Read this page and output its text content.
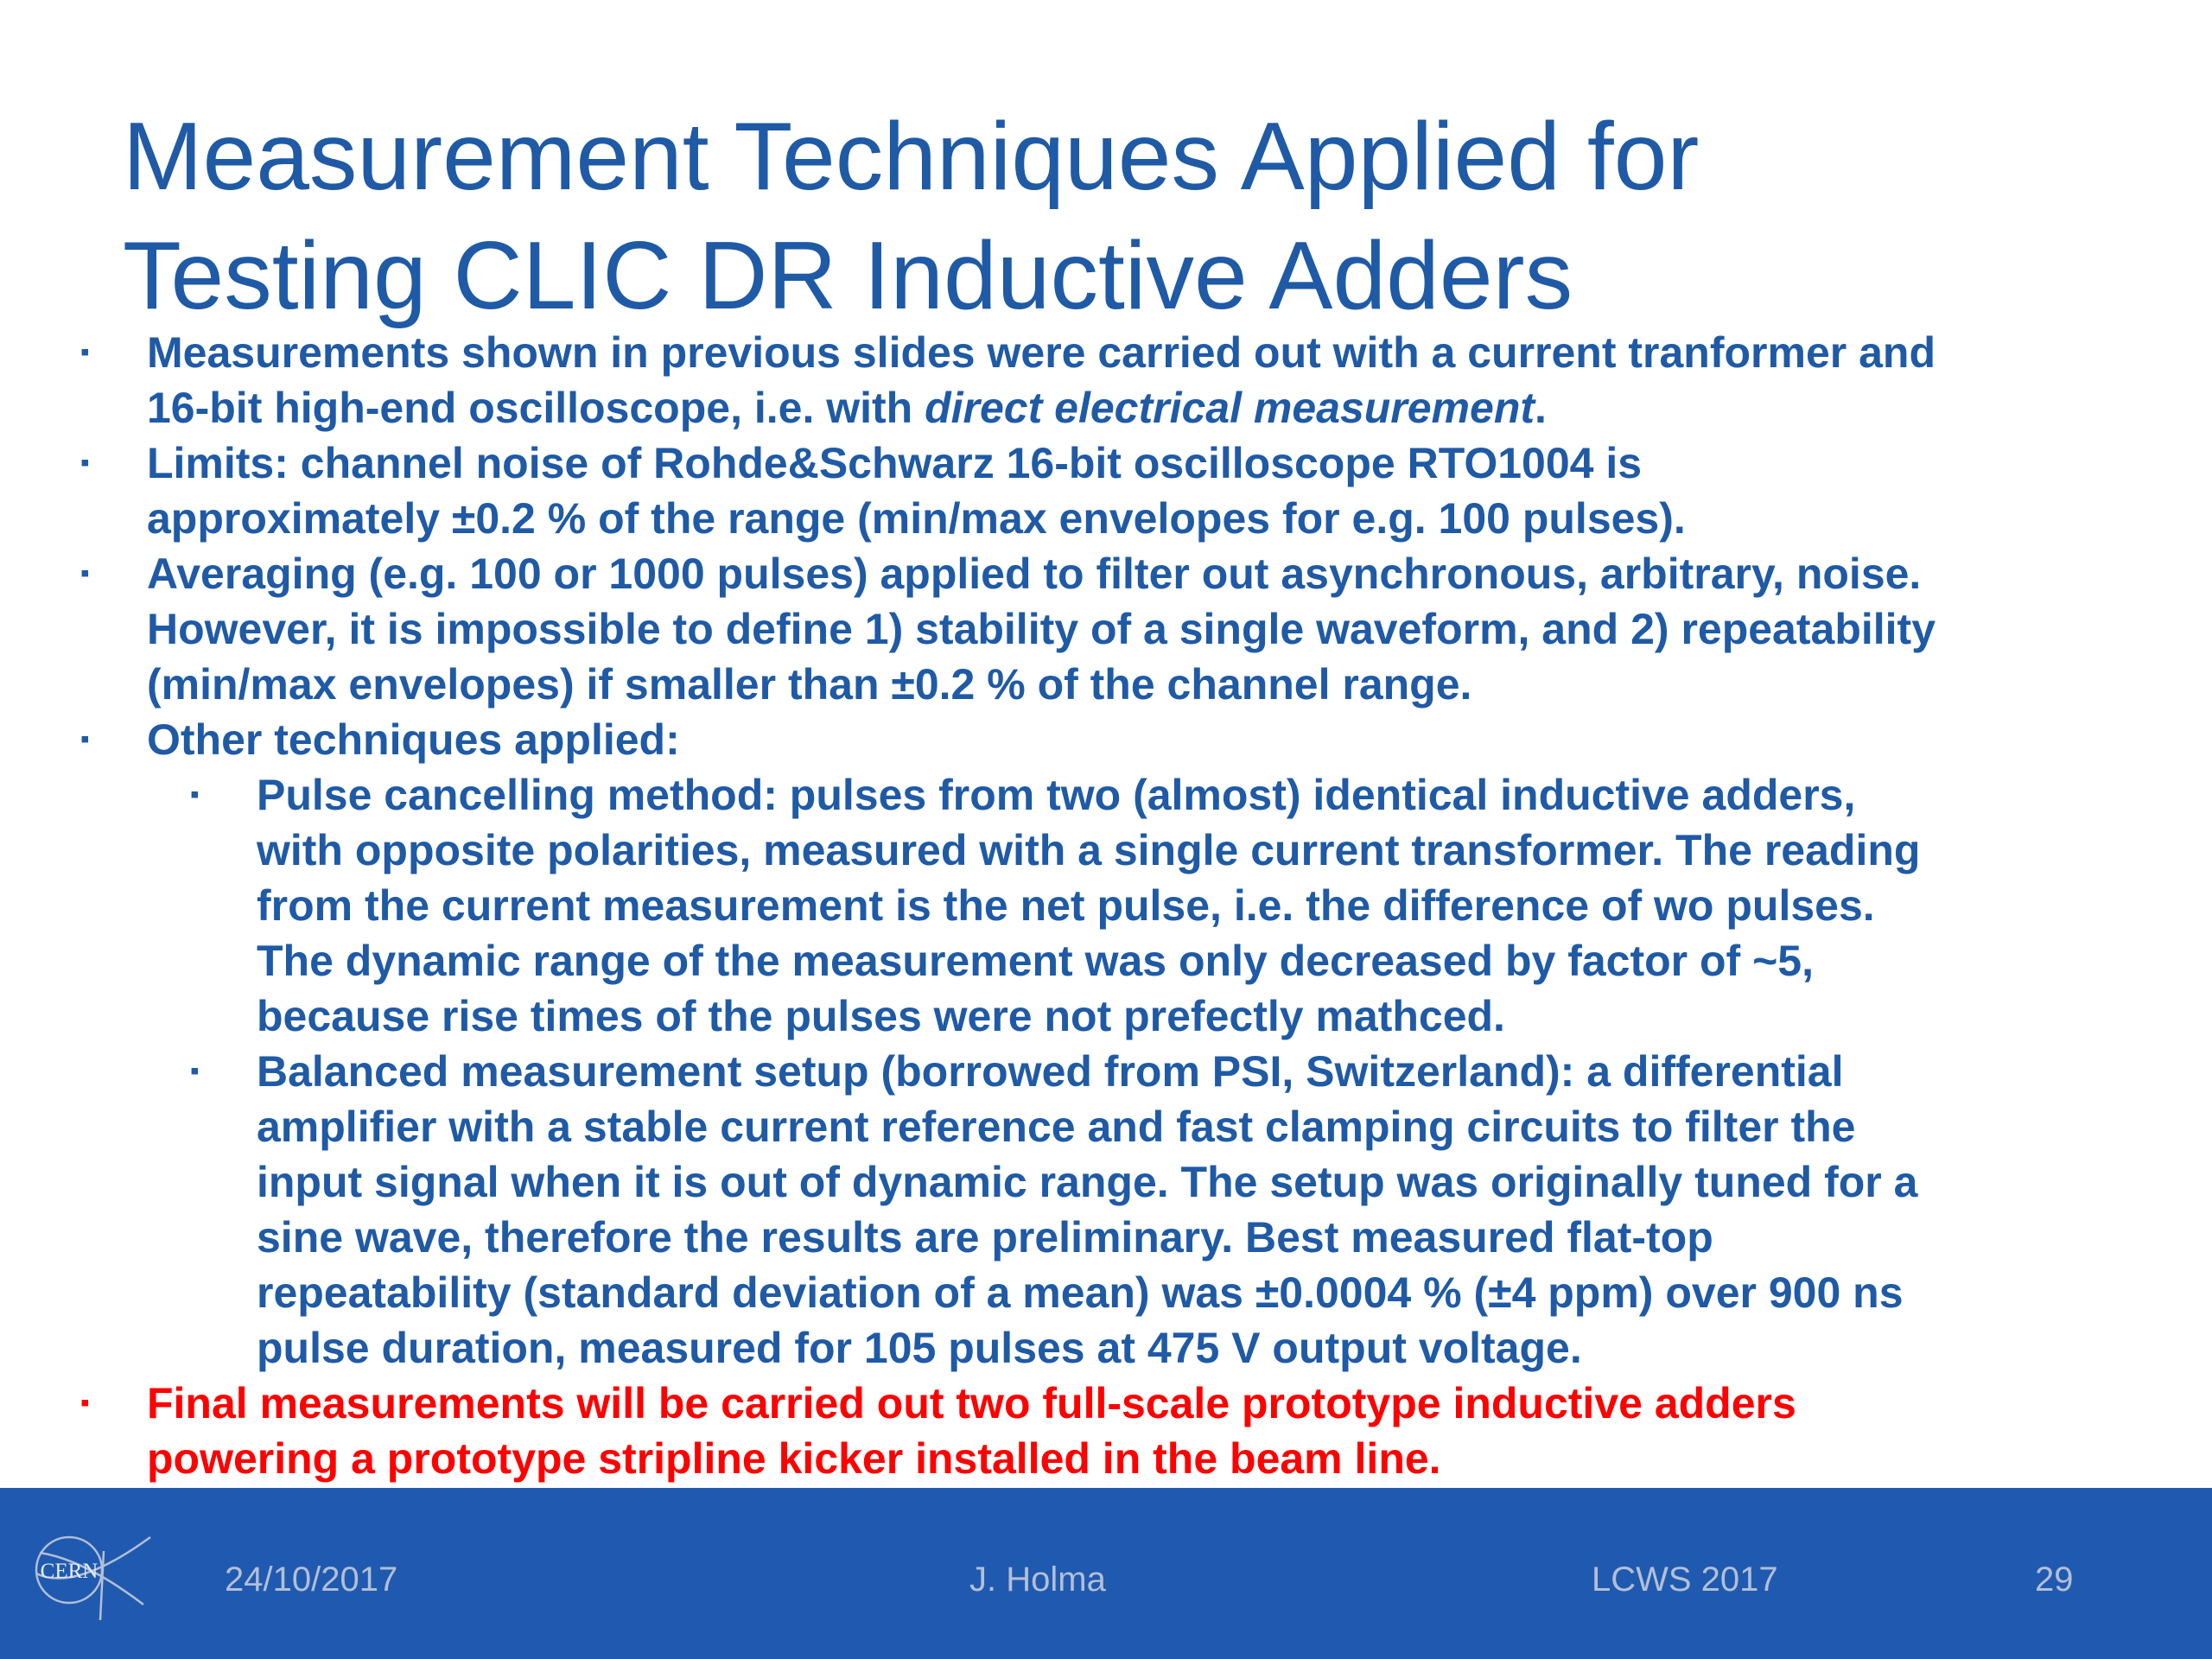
Measurement Techniques Applied for
Testing CLIC DR Inductive Adders
▪ Measurements shown in previous slides were carried out with a current tranformer and
16-bit high-end oscilloscope, i.e. with direct electrical measurement.
▪ Limits: channel noise of Rohde&Schwarz 16-bit oscilloscope RTO1004 is
approximately ±0.2 % of the range (min/max envelopes for e.g. 100 pulses).
▪ Averaging (e.g. 100 or 1000 pulses) applied to filter out asynchronous, arbitrary, noise.
However, it is impossible to define 1) stability of a single waveform, and 2) repeatability
(min/max envelopes) if smaller than ±0.2 % of the channel range.
▪ Other techniques applied:
▪ Pulse cancelling method: pulses from two (almost) identical inductive adders,
with opposite polarities, measured with a single current transformer. The reading
from the current measurement is the net pulse, i.e. the difference of wo pulses.
The dynamic range of the measurement was only decreased by factor of ~5,
because rise times of the pulses were not prefectly mathced.
▪ Balanced measurement setup (borrowed from PSI, Switzerland): a differential
amplifier with a stable current reference and fast clamping circuits to filter the
input signal when it is out of dynamic range. The setup was originally tuned for a
sine wave, therefore the results are preliminary. Best measured flat-top
repeatability (standard deviation of a mean) was ±0.0004 % (±4 ppm) over 900 ns
pulse duration, measured for 105 pulses at 475 V output voltage.
▪ Final measurements will be carried out two full-scale prototype inductive adders
powering a prototype stripline kicker installed in the beam line.
CERN	24/10/2017	J. Holma	LCWS 2017	29
